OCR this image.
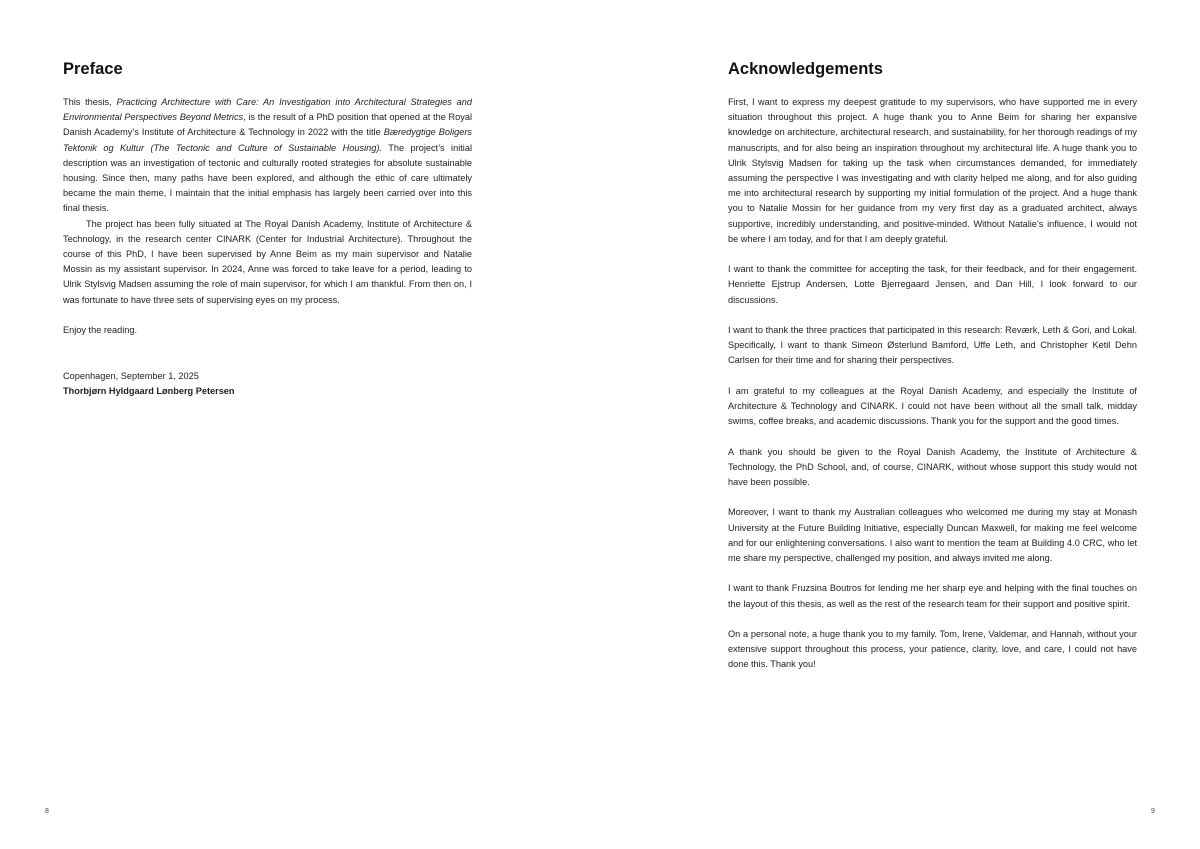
Preface

This thesis, Practicing Architecture with Care: An Investigation into Architectural Strategies and Environmental Perspectives Beyond Metrics, is the result of a PhD position that opened at the Royal Danish Academy’s Institute of Architecture & Technology in 2022 with the title Bæredygtige Boligers Tektonik og Kultur (The Tectonic and Culture of Sustainable Housing). The project’s initial description was an investigation of tectonic and culturally rooted strategies for absolute sustainable housing. Since then, many paths have been explored, and although the ethic of care ultimately became the main theme, I maintain that the initial emphasis has largely been carried over into this final thesis.

The project has been fully situated at The Royal Danish Academy, Institute of Architecture & Technology, in the research center CINARK (Center for Industrial Architecture). Throughout the course of this PhD, I have been supervised by Anne Beim as my main supervisor and Natalie Mossin as my assistant supervisor. In 2024, Anne was forced to take leave for a period, leading to Ulrik Stylsvig Madsen assuming the role of main supervisor, for which I am thankful. From then on, I was fortunate to have three sets of supervising eyes on my process.

Enjoy the reading.

Copenhagen, September 1, 2025

Thorbjørn Hyldgaard Lønberg Petersen

8
Acknowledgements

First, I want to express my deepest gratitude to my supervisors, who have supported me in every situation throughout this project. A huge thank you to Anne Beim for sharing her expansive knowledge on architecture, architectural research, and sustainability, for her thorough readings of my manuscripts, and for also being an inspiration throughout my architectural life. A huge thank you to Ulrik Stylsvig Madsen for taking up the task when circumstances demanded, for immediately assuming the perspective I was investigating and with clarity helped me along, and for also guiding me into architectural research by supporting my initial formulation of the project. And a huge thank you to Natalie Mossin for her guidance from my very first day as a graduated architect, always supportive, incredibly understanding, and positive-minded. Without Natalie’s influence, I would not be where I am today, and for that I am deeply grateful.

I want to thank the committee for accepting the task, for their feedback, and for their engagement. Henriette Ejstrup Andersen, Lotte Bjerregaard Jensen, and Dan Hill, I look forward to our discussions.

I want to thank the three practices that participated in this research: Reværk, Leth & Gori, and Lokal. Specifically, I want to thank Simeon Østerlund Bamford, Uffe Leth, and Christopher Ketil Dehn Carlsen for their time and for sharing their perspectives.

I am grateful to my colleagues at the Royal Danish Academy, and especially the Institute of Architecture & Technology and CINARK. I could not have been without all the small talk, midday swims, coffee breaks, and academic discussions. Thank you for the support and the good times.

A thank you should be given to the Royal Danish Academy, the Institute of Architecture & Technology, the PhD School, and, of course, CINARK, without whose support this study would not have been possible.

Moreover, I want to thank my Australian colleagues who welcomed me during my stay at Monash University at the Future Building Initiative, especially Duncan Maxwell, for making me feel welcome and for our enlightening conversations. I also want to mention the team at Building 4.0 CRC, who let me share my perspective, challenged my position, and always invited me along.

I want to thank Fruzsina Boutros for lending me her sharp eye and helping with the final touches on the layout of this thesis, as well as the rest of the research team for their support and positive spirit.

On a personal note, a huge thank you to my family. Tom, Irene, Valdemar, and Hannah, without your extensive support throughout this process, your patience, clarity, love, and care, I could not have done this. Thank you!

9
